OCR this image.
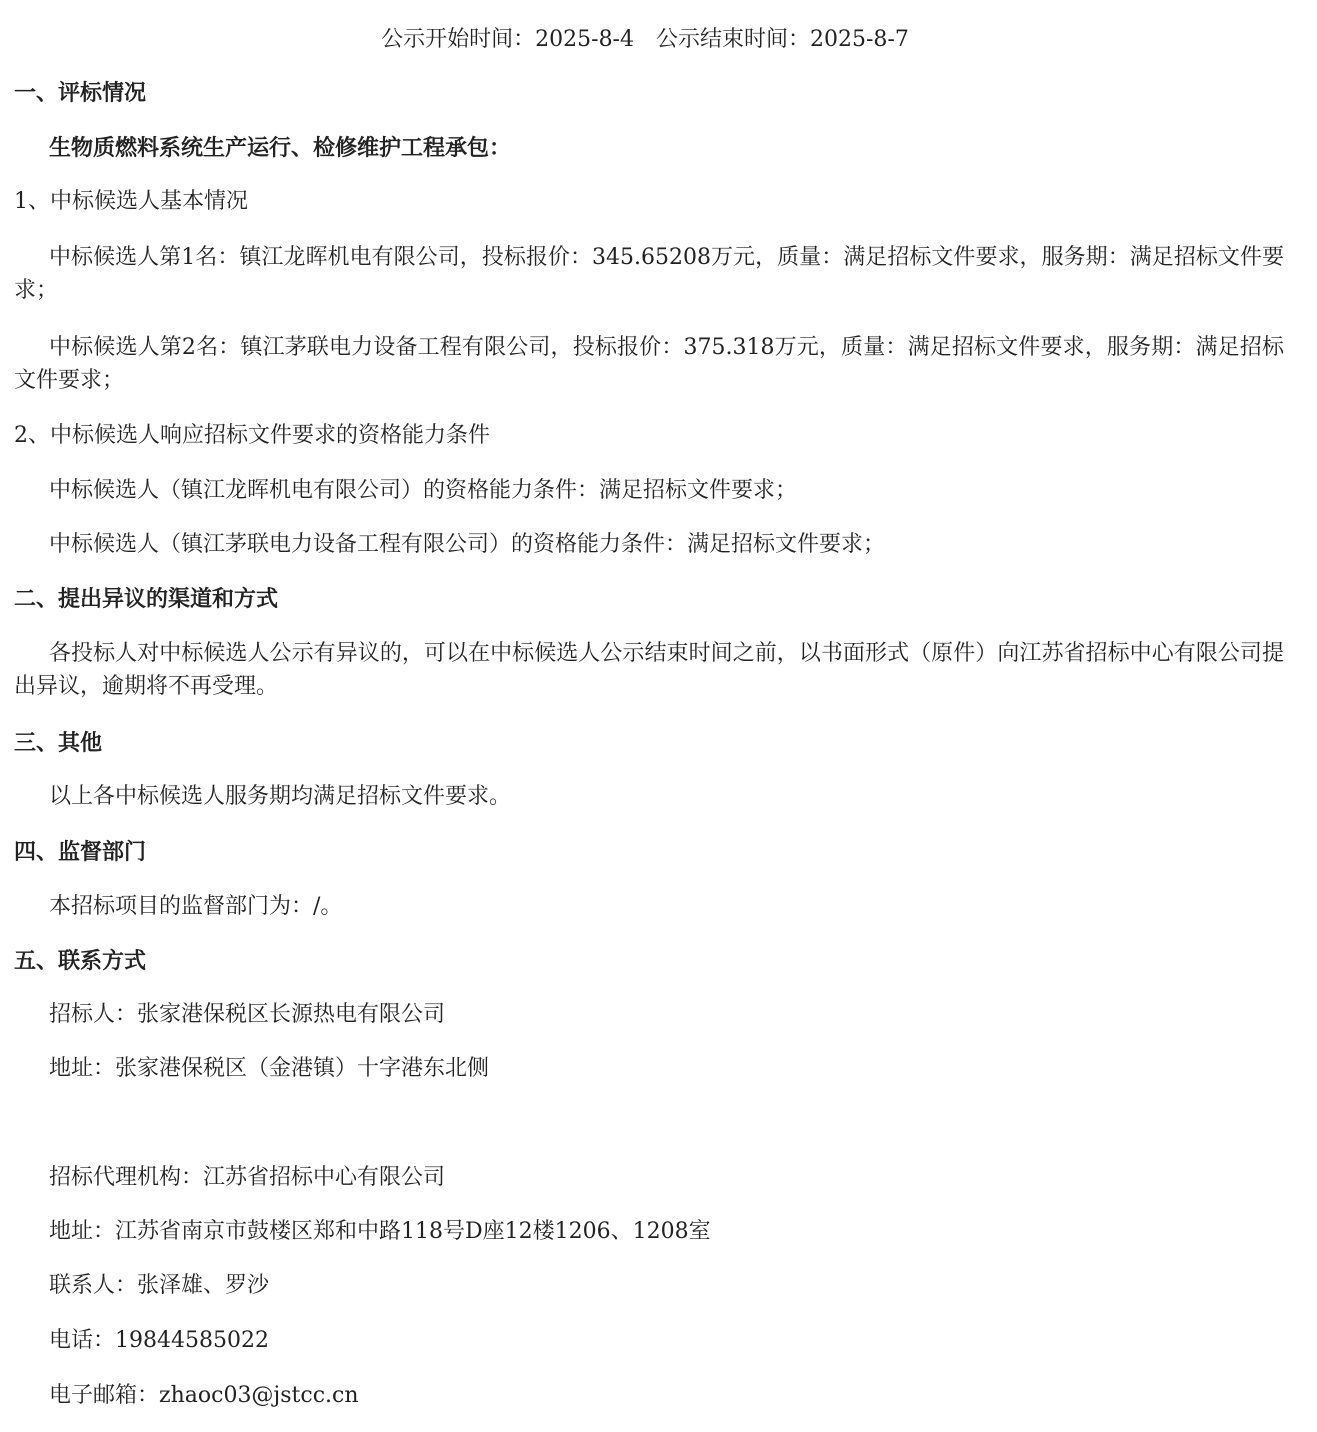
公示开始时间：2025-8-4　公示结束时间：2025-8-7
一、评标情况
生物质燃料系统生产运行、检修维护工程承包：
1、中标候选人基本情况
中标候选人第1名：镇江龙晖机电有限公司，投标报价：345.65208万元，质量：满足招标文件要求，服务期：满足招标文件要求；
中标候选人第2名：镇江茅联电力设备工程有限公司，投标报价：375.318万元，质量：满足招标文件要求，服务期：满足招标文件要求；
2、中标候选人响应招标文件要求的资格能力条件
中标候选人（镇江龙晖机电有限公司）的资格能力条件：满足招标文件要求；
中标候选人（镇江茅联电力设备工程有限公司）的资格能力条件：满足招标文件要求；
二、提出异议的渠道和方式
各投标人对中标候选人公示有异议的，可以在中标候选人公示结束时间之前，以书面形式（原件）向江苏省招标中心有限公司提出异议，逾期将不再受理。
三、其他
以上各中标候选人服务期均满足招标文件要求。
四、监督部门
本招标项目的监督部门为：/。
五、联系方式
招标人：张家港保税区长源热电有限公司
地址：张家港保税区（金港镇）十字港东北侧
招标代理机构：江苏省招标中心有限公司
地址：江苏省南京市鼓楼区郑和中路118号D座12楼1206、1208室
联系人：张泽雄、罗沙
电话：19844585022
电子邮箱：zhaoc03@jstcc.cn
